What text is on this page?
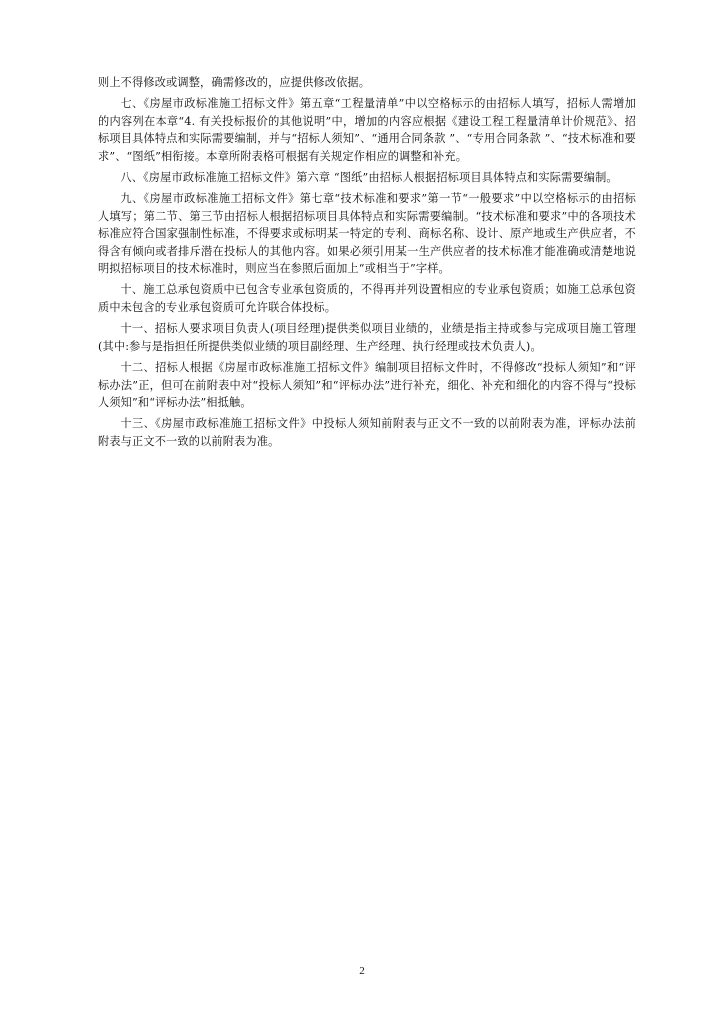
则上不得修改或调整，确需修改的，应提供修改依据。

七、《房屋市政标准施工招标文件》第五章“工程量清单”中以空格标示的由招标人填写，招标人需增加的内容列在本章“4. 有关投标报价的其他说明”中，增加的内容应根据《建设工程工程量清单计价规范》、招标项目具体特点和实际需要编制，并与“招标人须知”、“通用合同条款 ”、“专用合同条款 ”、“技术标准和要求”、“图纸”相衔接。本章所附表格可根据有关规定作相应的调整和补充。

八、《房屋市政标准施工招标文件》第六章 “图纸”由招标人根据招标项目具体特点和实际需要编制。

九、《房屋市政标准施工招标文件》第七章“技术标准和要求”第一节“一般要求”中以空格标示的由招标人填写；第二节、第三节由招标人根据招标项目具体特点和实际需要编制。“技术标准和要求”中的各项技术标准应符合国家强制性标准，不得要求或标明某一特定的专利、商标名称、设计、原产地或生产供应者，不得含有倾向或者排斥潜在投标人的其他内容。如果必须引用某一生产供应者的技术标准才能准确或清楚地说明拟招标项目的技术标准时，则应当在参照后面加上“或相当于”字样。

十、施工总承包资质中已包含专业承包资质的，不得再并列设置相应的专业承包资质；如施工总承包资质中未包含的专业承包资质可允许联合体投标。

十一、招标人要求项目负责人(项目经理)提供类似项目业绩的，业绩是指主持或参与完成项目施工管理(其中:参与是指担任所提供类似业绩的项目副经理、生产经理、执行经理或技术负责人)。

十二、招标人根据《房屋市政标准施工招标文件》编制项目招标文件时，不得修改“投标人须知”和“评标办法”正，但可在前附表中对“投标人须知”和“评标办法”进行补充，细化、补充和细化的内容不得与“投标人须知”和“评标办法”相抵触。

十三、《房屋市政标准施工招标文件》中投标人须知前附表与正文不一致的以前附表为准，评标办法前附表与正文不一致的以前附表为准。

2
